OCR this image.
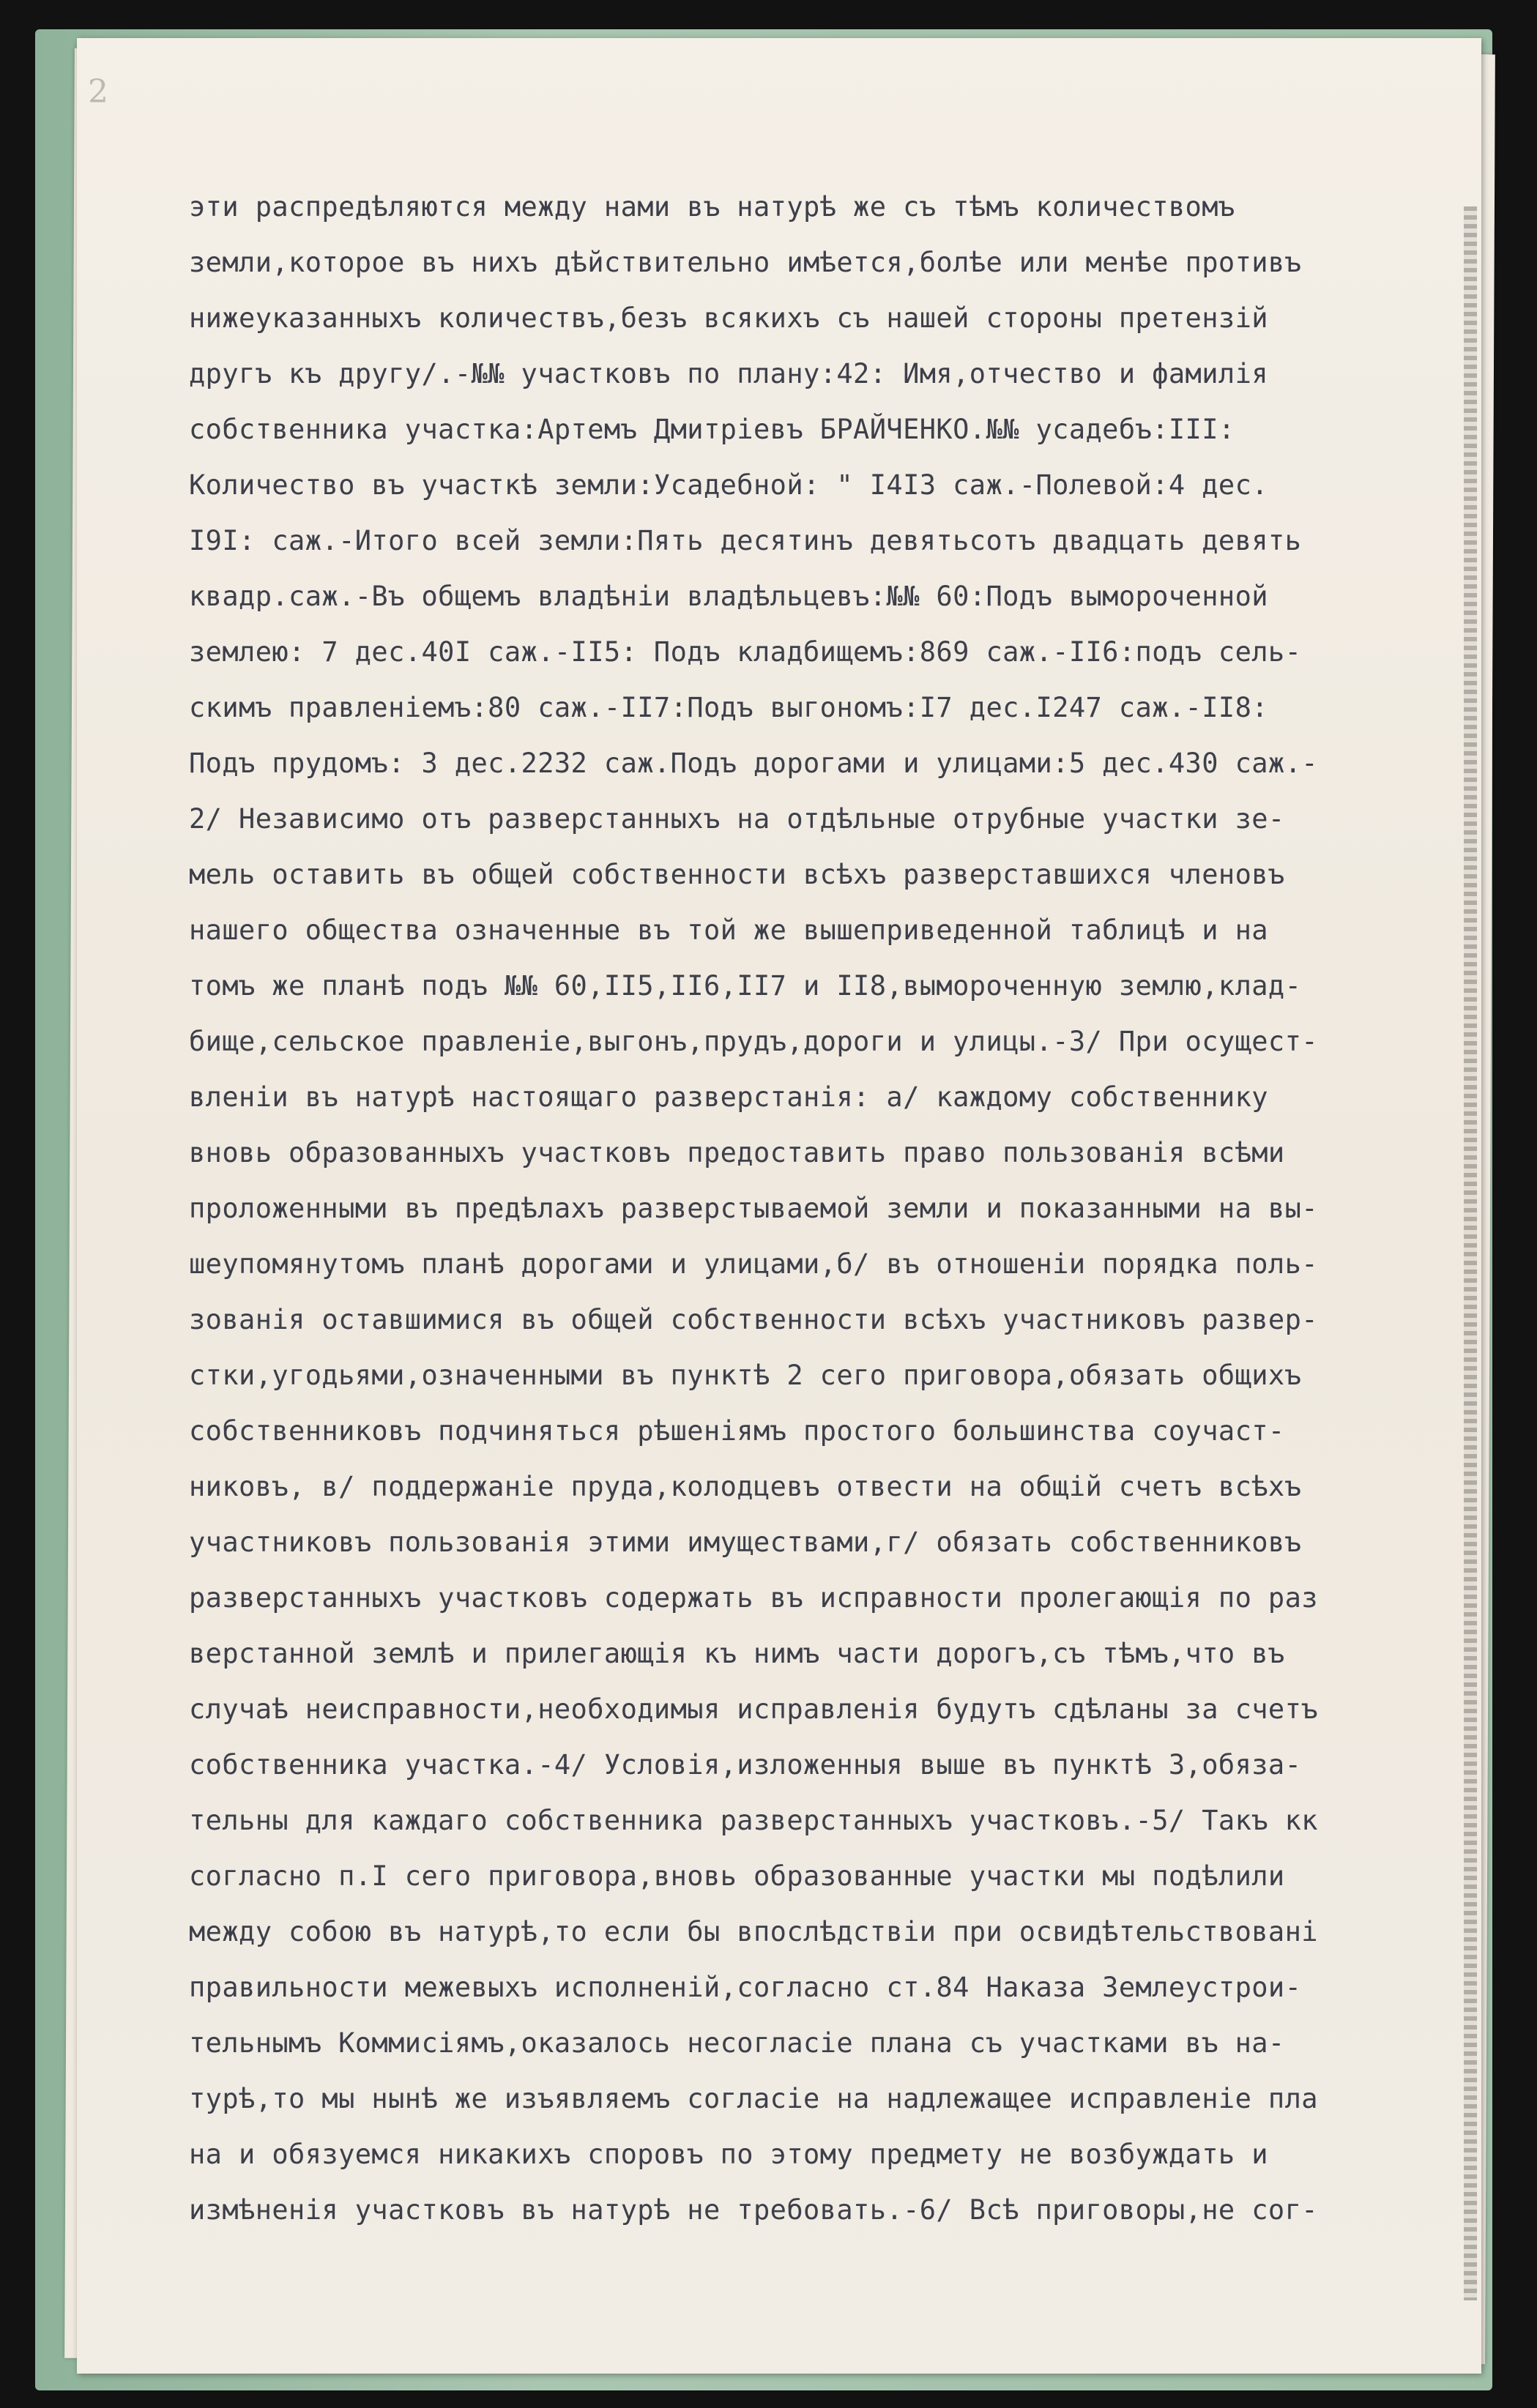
2
эти распредѣляются между нами въ натурѣ же съ тѣмъ количествомъ
земли,которое въ нихъ дѣйствительно имѣется,болѣе или менѣе противъ
нижеуказанныхъ количествъ,безъ всякихъ съ нашей стороны претензій
другъ къ другу/.-№№ участковъ по плану:42: Имя,отчество и фамилія
собственника участка:Артемъ Дмитріевъ БРАЙЧЕНКО.№№ усадебъ:III:
Количество въ участкѣ земли:Усадебной: " I4I3 саж.-Полевой:4 дес.
I9I: саж.-Итого всей земли:Пять десятинъ девятьсотъ двадцать девять
квадр.саж.-Въ общемъ владѣніи владѣльцевъ:№№ 60:Подъ вымороченной
землею: 7 дес.40I саж.-II5: Подъ кладбищемъ:869 саж.-II6:подъ сель-
скимъ правленіемъ:80 саж.-II7:Подъ выгономъ:I7 дес.I247 саж.-II8:
Подъ прудомъ: 3 дес.2232 саж.Подъ дорогами и улицами:5 дес.430 саж.-
2/ Независимо отъ разверстанныхъ на отдѣльные отрубные участки зе-
мель оставить въ общей собственности всѣхъ разверставшихся членовъ
нашего общества означенные въ той же вышеприведенной таблицѣ и на
томъ же планѣ подъ №№ 60,II5,II6,II7 и II8,вымороченную землю,клад-
бище,сельское правленіе,выгонъ,прудъ,дороги и улицы.-3/ При осущест-
вленіи въ натурѣ настоящаго разверстанія: а/ каждому собственнику
вновь образованныхъ участковъ предоставить право пользованія всѣми
проложенными въ предѣлахъ разверстываемой земли и показанными на вы-
шеупомянутомъ планѣ дорогами и улицами,б/ въ отношеніи порядка поль-
зованія оставшимися въ общей собственности всѣхъ участниковъ развер-
стки,угодьями,означенными въ пунктѣ 2 сего приговора,обязать общихъ
собственниковъ подчиняться рѣшеніямъ простого большинства соучаст-
никовъ, в/ поддержаніе пруда,колодцевъ отвести на общій счетъ всѣхъ
участниковъ пользованія этими имуществами,г/ обязать собственниковъ
разверстанныхъ участковъ содержать въ исправности пролегающія по раз
верстанной землѣ и прилегающія къ нимъ части дорогъ,съ тѣмъ,что въ
случаѣ неисправности,необходимыя исправленія будутъ сдѣланы за счетъ
собственника участка.-4/ Условія,изложенныя выше въ пунктѣ 3,обяза-
тельны для каждаго собственника разверстанныхъ участковъ.-5/ Такъ кк
согласно п.I сего приговора,вновь образованные участки мы подѣлили
между собою въ натурѣ,то если бы впослѣдствіи при освидѣтельствовані
правильности межевыхъ исполненій,согласно ст.84 Наказа Землеустрои-
тельнымъ Коммисіямъ,оказалось несогласіе плана съ участками въ на-
турѣ,то мы нынѣ же изъявляемъ согласіе на надлежащее исправленіе пла
на и обязуемся никакихъ споровъ по этому предмету не возбуждать и
измѣненія участковъ въ натурѣ не требовать.-6/ Всѣ приговоры,не сог-
